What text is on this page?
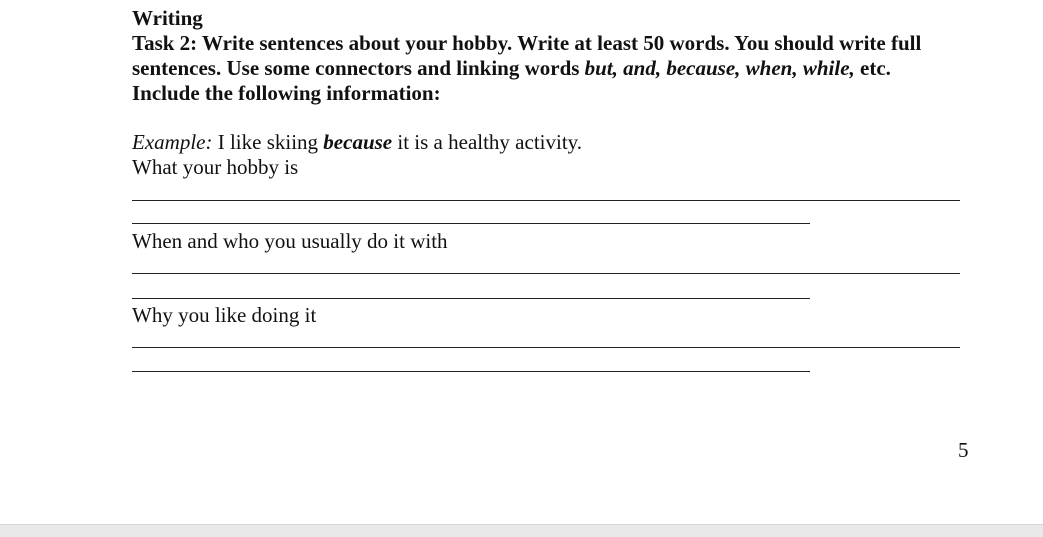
Writing

Task 2: Write sentences about your hobby. Write at least 50 words. You should write full sentences. Use some connectors and linking words but, and, because, when, while, etc.

Include the following information:

Example: I like skiing because it is a healthy activity.

What your hobby is

When and who you usually do it with

Why you like doing it

5
